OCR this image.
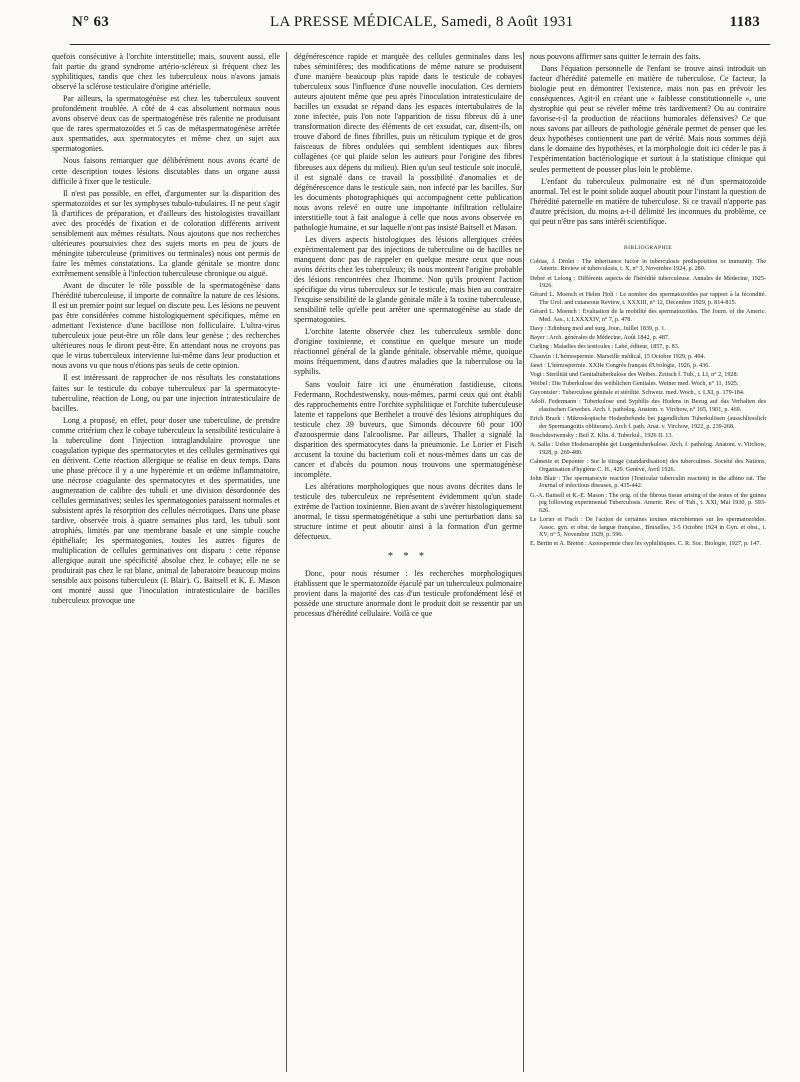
N° 63	LA PRESSE MÉDICALE, Samedi, 8 Août 1931	1183

quefois consécutive à l'orchite interstitielle; mais, souvent aussi, elle fait partie du grand syndrome artério-scléreux si fréquent chez les syphilitiques, tandis que chez les tuberculeux nous n'avons jamais observé la sclérose testiculaire d'origine artérielle.

Par ailleurs, la spermatogénèse est chez les tuberculeux souvent profondément troublée. A côté de 4 cas absolument normaux nous avons observé deux cas de spermatogénèse très ralentie ne produisant que de rares spermatozoïdes et 5 cas de métaspermatogénèse arrêtée aux spermatides, aux spermatocytes et même chez un sujet aux spermatogonies.

Nous faisons remarquer que délibérément nous avons écarté de cette description toutes lésions discutables dans un organe aussi difficile à fixer que le testicule.

Il n'est pas possible, en effet, d'argumenter sur la disparition des spermatozoïdes et sur les symphyses tubulo-tubulaires. Il ne peut s'agir là d'artifices de préparation, et d'ailleurs des histologistes travaillant avec des procédés de fixation et de coloration différents arrivent sensiblement aux mêmes résultats. Nous ajoutons que nos recherches ultérieures poursuivies chez des sujets morts en peu de jours de méningite tuberculeuse (primitives ou terminales) nous ont permis de faire les mêmes constatations. La glande génitale se montre donc extrêmement sensible à l'infection tuberculeuse chronique ou aiguë.

Avant de discuter le rôle possible de la spermatogénèse dans l'hérédité tuberculeuse, il importe de connaître la nature de ces lésions. Il est un premier point sur lequel on discute peu. Les lésions ne peuvent pas être considérées comme histologiquement spécifiques, même en admettant l'existence d'une bacillose non folliculaire. L'ultra-virus tuberculeux joue peut-être un rôle dans leur genèse ; des recherches ultérieures nous le diront peut-être. En attendant nous ne croyons pas que le virus tuberculeux intervienne lui-même dans leur production et nous avons vu que nous n'étions pas seuls de cette opinion.

Il est intéressant de rapprocher de nos résultats les constatations faites sur le testicule du cobaye tuberculeux par la spermatocyte-tuberculine, réaction de Long, ou par une injection intratesticulaire de bacilles.

Long a proposé, en effet, pour doser une tuberculine, de prendre comme critérium chez le cobaye tuberculeux la sensibilité testiculaire à la tuberculine dont l'injection intraglandulaire provoque une coagulation typique des spermatocytes et des cellules germinatives qui en dérivent. Cette réaction allergique se réalise en deux temps. Dans une phase précoce il y a une hyperémie et un œdème inflammatoire, une nécrose coagulante des spermatocytes et des spermatides, une augmentation de calibre des tubuli et une division désordonnée des cellules germinatives; seules les spermatogonies paraissent normales et subsistent après la résorption des cellules nécrotiques. Dans une phase tardive, observée trois à quatre semaines plus tard, les tubuli sont atrophiés, limités par une membrane basale et une simple couche épithéliale; les spermatogonies, toutes les autres figures de multiplication de cellules germinatives ont disparu : cette réponse allergique aurait une spécificité absolue chez le cobaye; elle ne se produirait pas chez le rat blanc, animal de laboratoire beaucoup moins sensible aux poisons tuberculeux (I. Blair). G. Baitsell et K. E. Mason ont montré aussi que l'inoculation intratesticulaire de bacilles tuberculeux provoque une

dégénérescence rapide et marquée des cellules germinales dans les tubes séminifères; des modifications de même nature se produisent d'une manière beaucoup plus rapide dans le testicule de cobayes tuberculeux sous l'influence d'une nouvelle inoculation. Ces derniers auteurs ajoutent même que peu après l'inoculation intratesticulaire de bacilles un exsudat se répand dans les espaces intertubulaires de la zone infectée, puis l'on note l'apparition de tissu fibreux dû à une transformation directe des éléments de cet exsudat, car, disent-ils, on trouve d'abord de fines fibrilles, puis un réticulum typique et de gros faisceaux de fibres ondulées qui semblent identiques aux fibres collagènes (ce qui plaide selon les auteurs pour l'origine des fibres fibreuses aux dépens du milieu). Bien qu'un seul testicule soit inoculé, il est signalé dans ce travail la possibilité d'anomalies et de dégénérescence dans le testicule sain, non infecté par les bacilles. Sur les documents photographiques qui accompagnent cette publication nous avons relevé en outre une importante infiltration cellulaire interstitielle tout à fait analogue à celle que nous avons observée en pathologie humaine, et sur laquelle n'ont pas insisté Baitsell et Mason.

Les divers aspects histologiques des lésions allergiques créées expérimentalement par des injections de tuberculine ou de bacilles ne manquent donc pas de rappeler en quelque mesure ceux que nous avons décrits chez les tuberculeux; ils nous montrent l'origine probable des lésions rencontrées chez l'homme. Non qu'ils prouvent l'action spécifique du virus tuberculeux sur le testicule, mais bien au contraire l'exquise sensibilité de la glande génitale mâle à la toxine tuberculeuse, sensibilité telle qu'elle peut arrêter une spermatogénèse au stade de spermatogonies.

L'orchite latente observée chez les tuberculeux semble donc d'origine toxinienne, et constitue en quelque mesure un mode réactionnel général de la glande génitale, observable même, quoique moins fréquemment, dans d'autres maladies que la tuberculose ou la syphilis.

Sans vouloir faire ici une énumération fastidieuse, citons Federmann, Rochdestwensky, nous-mêmes, parmi ceux qui ont établi des rapprochements entre l'orchite syphilitique et l'orchite tuberculeuse latente et rappelons que Berthelet a trouvé des lésions atrophiques du testicule chez 39 buveurs, que Simonds découvre 60 pour 100 d'azoospermie dans l'alcoolisme. Par ailleurs, Thaller a signalé la disparition des spermatocytes dans la pneumonie. Le Lorier et Fisch accusent la toxine du bacterium coli et nous-mêmes dans un cas de cancer et d'abcès du poumon nous trouvons une spermatogénèse incomplète.

Les altérations morphologiques que nous avons décrites dans le testicule des tuberculeux ne représentent évidemment qu'un stade extrême de l'action toxinienne. Bien avant de s'avérer histologiquement anormal, le tissu spermatogénétique a subi une perturbation dans sa structure intime et peut aboutir ainsi à la formation d'un germe défectueux.

* * *

Donc, pour nous résumer : les recherches morphologiques établissent que le spermatozoïde éjaculé par un tuberculeux pulmonaire provient dans la majorité des cas d'un testicule profondément lésé et possède une structure anormale dont le produit doit se ressentir par un processus d'hérédité cellulaire. Voilà ce que

nous pouvons affirmer sans quitter le terrain des faits.

Dans l'équation personnelle de l'enfant se trouve ainsi introduit un facteur d'hérédité paternelle en matière de tuberculose. Ce facteur, la biologie peut en démontrer l'existence, mais non pas en prévoir les conséquences. Agit-il en créant une « faiblesse constitutionnelle », une dystrophie qui peut se révéler même très tardivement? Ou au contraire favorise-t-il la production de réactions humorales défensives? Ce que nous savons par ailleurs de pathologie générale permet de penser que les deux hypothèses contiennent une part de vérité. Mais nous sommes déjà dans le domaine des hypothèses, et la morphologie doit ici céder le pas à l'expérimentation bactériologique et surtout à la statistique clinique qui seules permettent de pousser plus loin le problème.

L'enfant du tuberculeux pulmonaire est né d'un spermatozoïde anormal. Tel est le point solide auquel aboutit pour l'instant la question de l'hérédité paternelle en matière de tuberculose. Si ce travail n'apporte pas d'autre précision, du moins a-t-il délimité les inconnues du problème, ce qui peut n'être pas sans intérêt scientifique.

BIBLIOGRAPHIE
Cobias, J. Drolet : The inheritance factor in tuberculosis predisposition or immunity. The Americ. Review of tuberculosis, t. X, n° 3, Novembre 1924, p. 280.
Debré et Lelong : Différents aspects de l'hérédité tuberculeuse. Annales de Médecine, 1925-1926.
Gérard L. Moench et Helen Holt : Le nombre des spermatozoïdes par rapport à la fécondité. The Urol. and cutaneous Review, t. XXXIII, n° 12, Décembre 1929, p. 814-815.
Gérard L. Moench : Evaluation de la mobilité des spermatozoïdes. The Journ. of the Americ. Med. Ass., t. LXXXXIV, n° 7, p. 478.
Davy : Edinburg med and surg. Jour., Juillet 1839, p. 1.
Bayer : Arch. générales de Médecine, Août 1842, p. 487.
Curling : Maladies des testicules : Labé, éditeur, 1857, p. 83.
Chauvin : L'hémospermie. Marseille médical, 15 Octobre 1929, p. 494.
Janet : L'hémospermie. XXIIe Congrès français d'Urologie, 1926, p. 436.
Vogt : Sterilität und Genitaltuberkulose des Weibes. Zeitsch f. Tub., t. LI, n° 2, 1928.
Weibel : Die Tuberkulose des weiblichen Genitales. Weiner med. Woch, n° 11, 1925.
Guyonisier : Tuberculose génitale et stérilité. Schweiz. med. Woch., t. LXI, p. 179-184.
Adolf. Federmann : Tuberkulose und Syphilis des Hodens in Bezug auf das Verhalten des elastischen Gewebes. Arch. f. patholog. Anatom. v. Virchow, n° 165, 1901, p. 469.
Erich Brack : Mikroskopische Hodenbefunde bei jugendlichen Tuberkulösen (ausschliesslich der Spermangoitis obliterans). Arch f. path. Anat. v. Virchow, 1922, p. 239-268.
Roschdestwensky : Beil Z. Klin. d. Tuberkul., 1926 II. 13.
A. Salla : Ueber Hodenatrophie gei Lungentuberkulose. Arch. f. patholog. Anatom. v. Virchow, 1928, p. 269-480.
Calmette et Deponter : Sur le titrage (standardisation) des tuberculines. Société des Nations, Organisation d'hygiène C. H., 429. Genève, Avril 1926.
John Blair : The spermatocyte reaction (Testicular tuberculin reaction) in the albino rat. The Journal of infectious diseases, p. 435-442.
G.-A. Baitsell et K.-E. Mason : The orig. of the fibrous tissue arising of the testes of the guinea pig following experimental Tuberculosis. Americ. Rev. of Tub., t. XXI, Mai 1930, p. 593-626.
Le Lorier et Fisch : De l'action de certaines toxines microbiennes sur les spermatozoïdes. Assoc. gyn. et obst. de langue française., Bruxelles, 3-5 Octobre 1924 in Gyn. et obst., t. XV, n° 5, Novembre 1929, p. 596.
E. Bertin et A. Breton : Azoospermie chez les syphilitiques. C. R. Soc. Biologie, 1927, p. 147.
